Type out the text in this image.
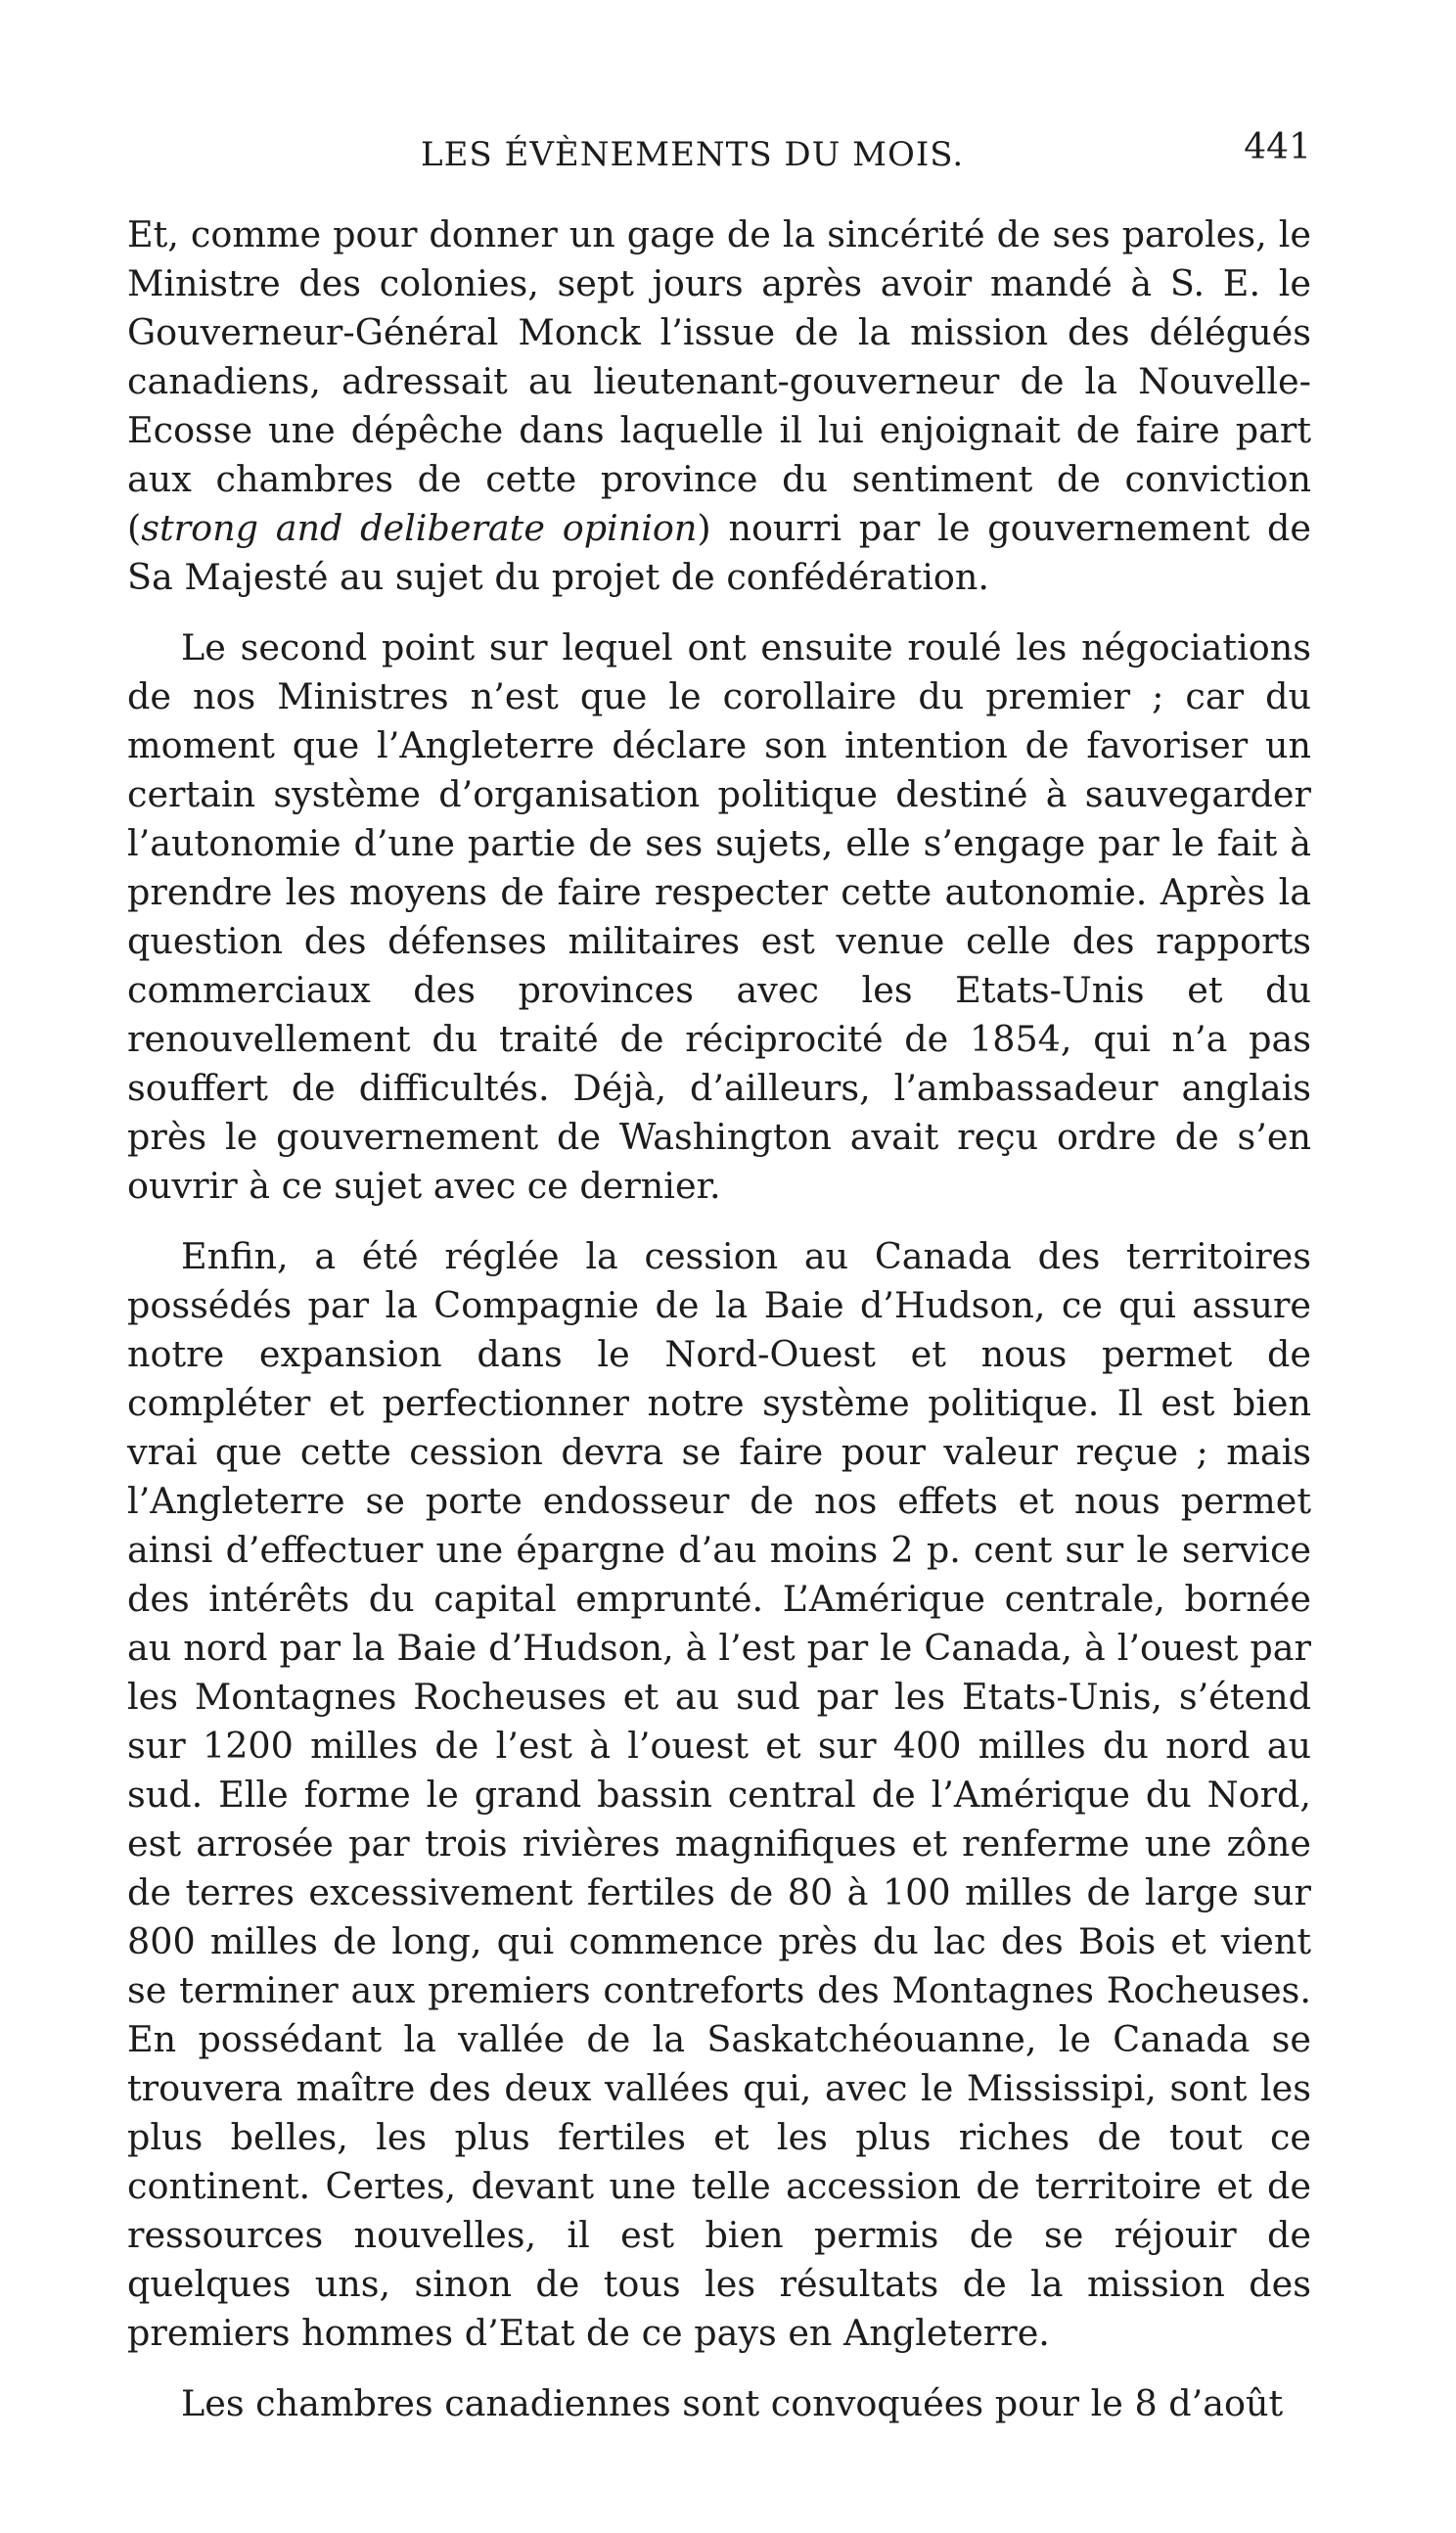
LES ÉVÈNEMENTS DU MOIS.	441

Et, comme pour donner un gage de la sincérité de ses paroles, le Ministre des colonies, sept jours après avoir mandé à S. E. le Gouverneur-Général Monck l’issue de la mission des délégués canadiens, adressait au lieutenant-gouverneur de la Nouvelle-Ecosse une dépêche dans laquelle il lui enjoignait de faire part aux chambres de cette province du sentiment de conviction (strong and deliberate opinion) nourri par le gouvernement de Sa Majesté au sujet du projet de confédération.

Le second point sur lequel ont ensuite roulé les négociations de nos Ministres n’est que le corollaire du premier ; car du moment que l’Angleterre déclare son intention de favoriser un certain système d’organisation politique destiné à sauvegarder l’autonomie d’une partie de ses sujets, elle s’engage par le fait à prendre les moyens de faire respecter cette autonomie. Après la question des défenses militaires est venue celle des rapports commerciaux des provinces avec les Etats-Unis et du renouvellement du traité de réciprocité de 1854, qui n’a pas souffert de difficultés. Déjà, d’ailleurs, l’ambassadeur anglais près le gouvernement de Washington avait reçu ordre de s’en ouvrir à ce sujet avec ce dernier.

Enfin, a été réglée la cession au Canada des territoires possédés par la Compagnie de la Baie d’Hudson, ce qui assure notre expansion dans le Nord-Ouest et nous permet de compléter et perfectionner notre système politique. Il est bien vrai que cette cession devra se faire pour valeur reçue ; mais l’Angleterre se porte endosseur de nos effets et nous permet ainsi d’effectuer une épargne d’au moins 2 p. cent sur le service des intérêts du capital emprunté. L’Amérique centrale, bornée au nord par la Baie d’Hudson, à l’est par le Canada, à l’ouest par les Montagnes Rocheuses et au sud par les Etats-Unis, s’étend sur 1200 milles de l’est à l’ouest et sur 400 milles du nord au sud. Elle forme le grand bassin central de l’Amérique du Nord, est arrosée par trois rivières magnifiques et renferme une zône de terres excessivement fertiles de 80 à 100 milles de large sur 800 milles de long, qui commence près du lac des Bois et vient se terminer aux premiers contreforts des Montagnes Rocheuses. En possédant la vallée de la Saskatchéouanne, le Canada se trouvera maître des deux vallées qui, avec le Mississipi, sont les plus belles, les plus fertiles et les plus riches de tout ce continent. Certes, devant une telle accession de territoire et de ressources nouvelles, il est bien permis de se réjouir de quelques uns, sinon de tous les résultats de la mission des premiers hommes d’Etat de ce pays en Angleterre.

Les chambres canadiennes sont convoquées pour le 8 d’août
